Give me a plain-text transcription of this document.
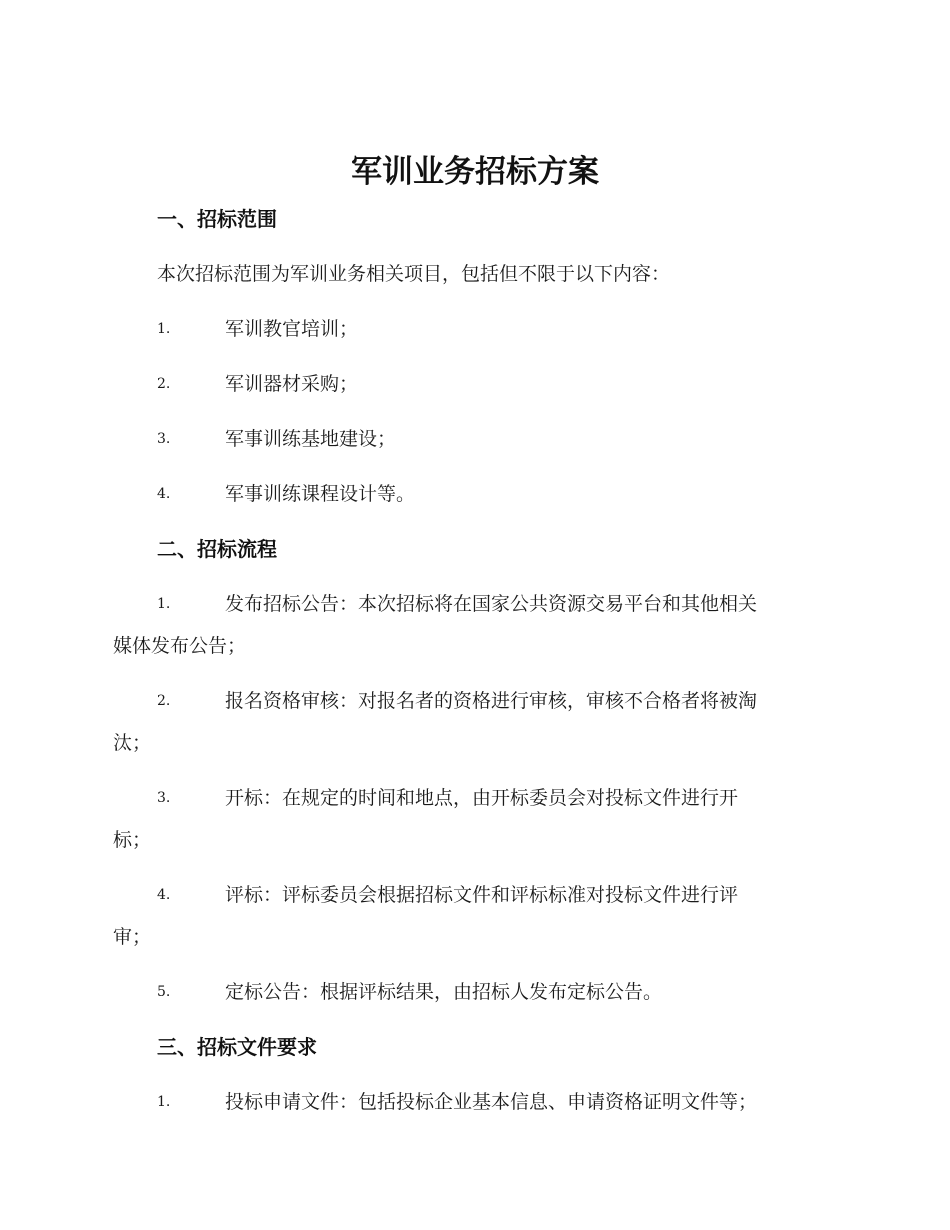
军训业务招标方案
一、招标范围
本次招标范围为军训业务相关项目，包括但不限于以下内容：
1.	军训教官培训；
2.	军训器材采购；
3.	军事训练基地建设；
4.	军事训练课程设计等。
二、招标流程
1.	发布招标公告：本次招标将在国家公共资源交易平台和其他相关
媒体发布公告；
2.	报名资格审核：对报名者的资格进行审核，审核不合格者将被淘
汰；
3.	开标：在规定的时间和地点，由开标委员会对投标文件进行开
标；
4.	评标：评标委员会根据招标文件和评标标准对投标文件进行评
审；
5.	定标公告：根据评标结果，由招标人发布定标公告。
三、招标文件要求
1.	投标申请文件：包括投标企业基本信息、申请资格证明文件等；
